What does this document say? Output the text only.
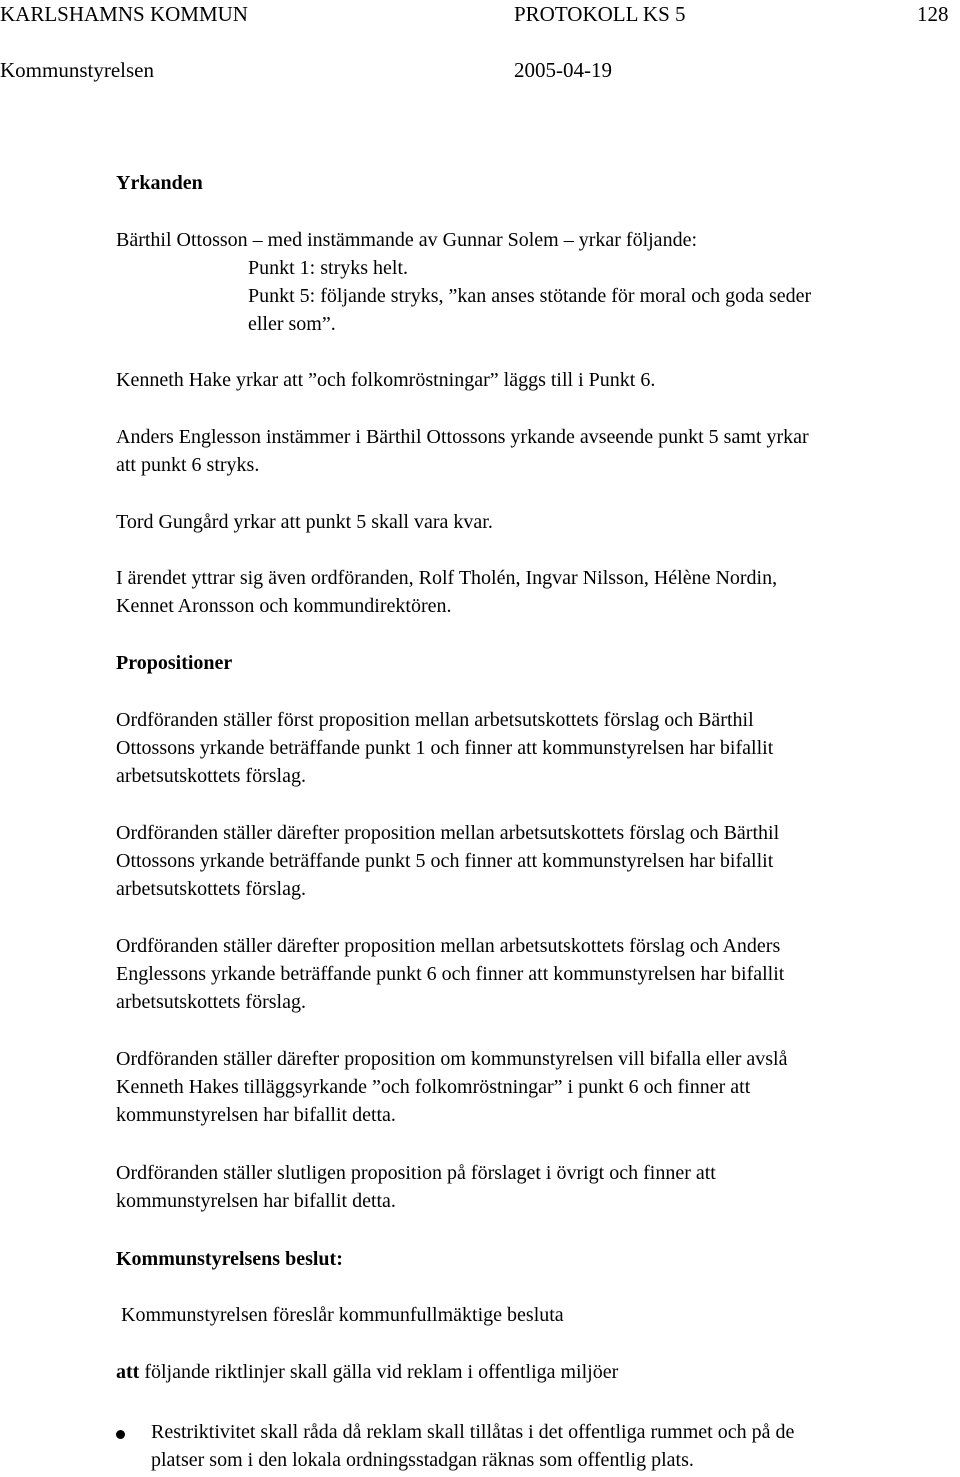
KARLSHAMNS KOMMUN	PROTOKOLL KS 5	128
Kommunstyrelsen	2005-04-19
Yrkanden
Bärthil Ottosson – med instämmande av Gunnar Solem – yrkar följande:
Punkt 1: stryks helt.
Punkt 5: följande stryks, ”kan anses stötande för moral och goda seder
eller som”.
Kenneth Hake yrkar att ”och folkomröstningar” läggs till i Punkt 6.
Anders Englesson instämmer i Bärthil Ottossons yrkande avseende punkt 5 samt yrkar
att punkt 6 stryks.
Tord Gungård yrkar att punkt 5 skall vara kvar.
I ärendet yttrar sig även ordföranden, Rolf Tholén, Ingvar Nilsson, Hélène Nordin,
Kennet Aronsson och kommundirektören.
Propositioner
Ordföranden ställer först proposition mellan arbetsutskottets förslag och Bärthil
Ottossons yrkande beträffande punkt 1 och finner att kommunstyrelsen har bifallit
arbetsutskottets förslag.
Ordföranden ställer därefter proposition mellan arbetsutskottets förslag och Bärthil
Ottossons yrkande beträffande punkt 5 och finner att kommunstyrelsen har bifallit
arbetsutskottets förslag.
Ordföranden ställer därefter proposition mellan arbetsutskottets förslag och Anders
Englessons yrkande beträffande punkt 6 och finner att kommunstyrelsen har bifallit
arbetsutskottets förslag.
Ordföranden ställer därefter proposition om kommunstyrelsen vill bifalla eller avslå
Kenneth Hakes tilläggsyrkande ”och folkomröstningar” i punkt 6 och finner att
kommunstyrelsen har bifallit detta.
Ordföranden ställer slutligen proposition på förslaget i övrigt och finner att
kommunstyrelsen har bifallit detta.
Kommunstyrelsens beslut:
Kommunstyrelsen föreslår kommunfullmäktige besluta
att följande riktlinjer skall gälla vid reklam i offentliga miljöer
Restriktivitet skall råda då reklam skall tillåtas i det offentliga rummet och på de
platser som i den lokala ordningsstadgan räknas som offentlig plats.
